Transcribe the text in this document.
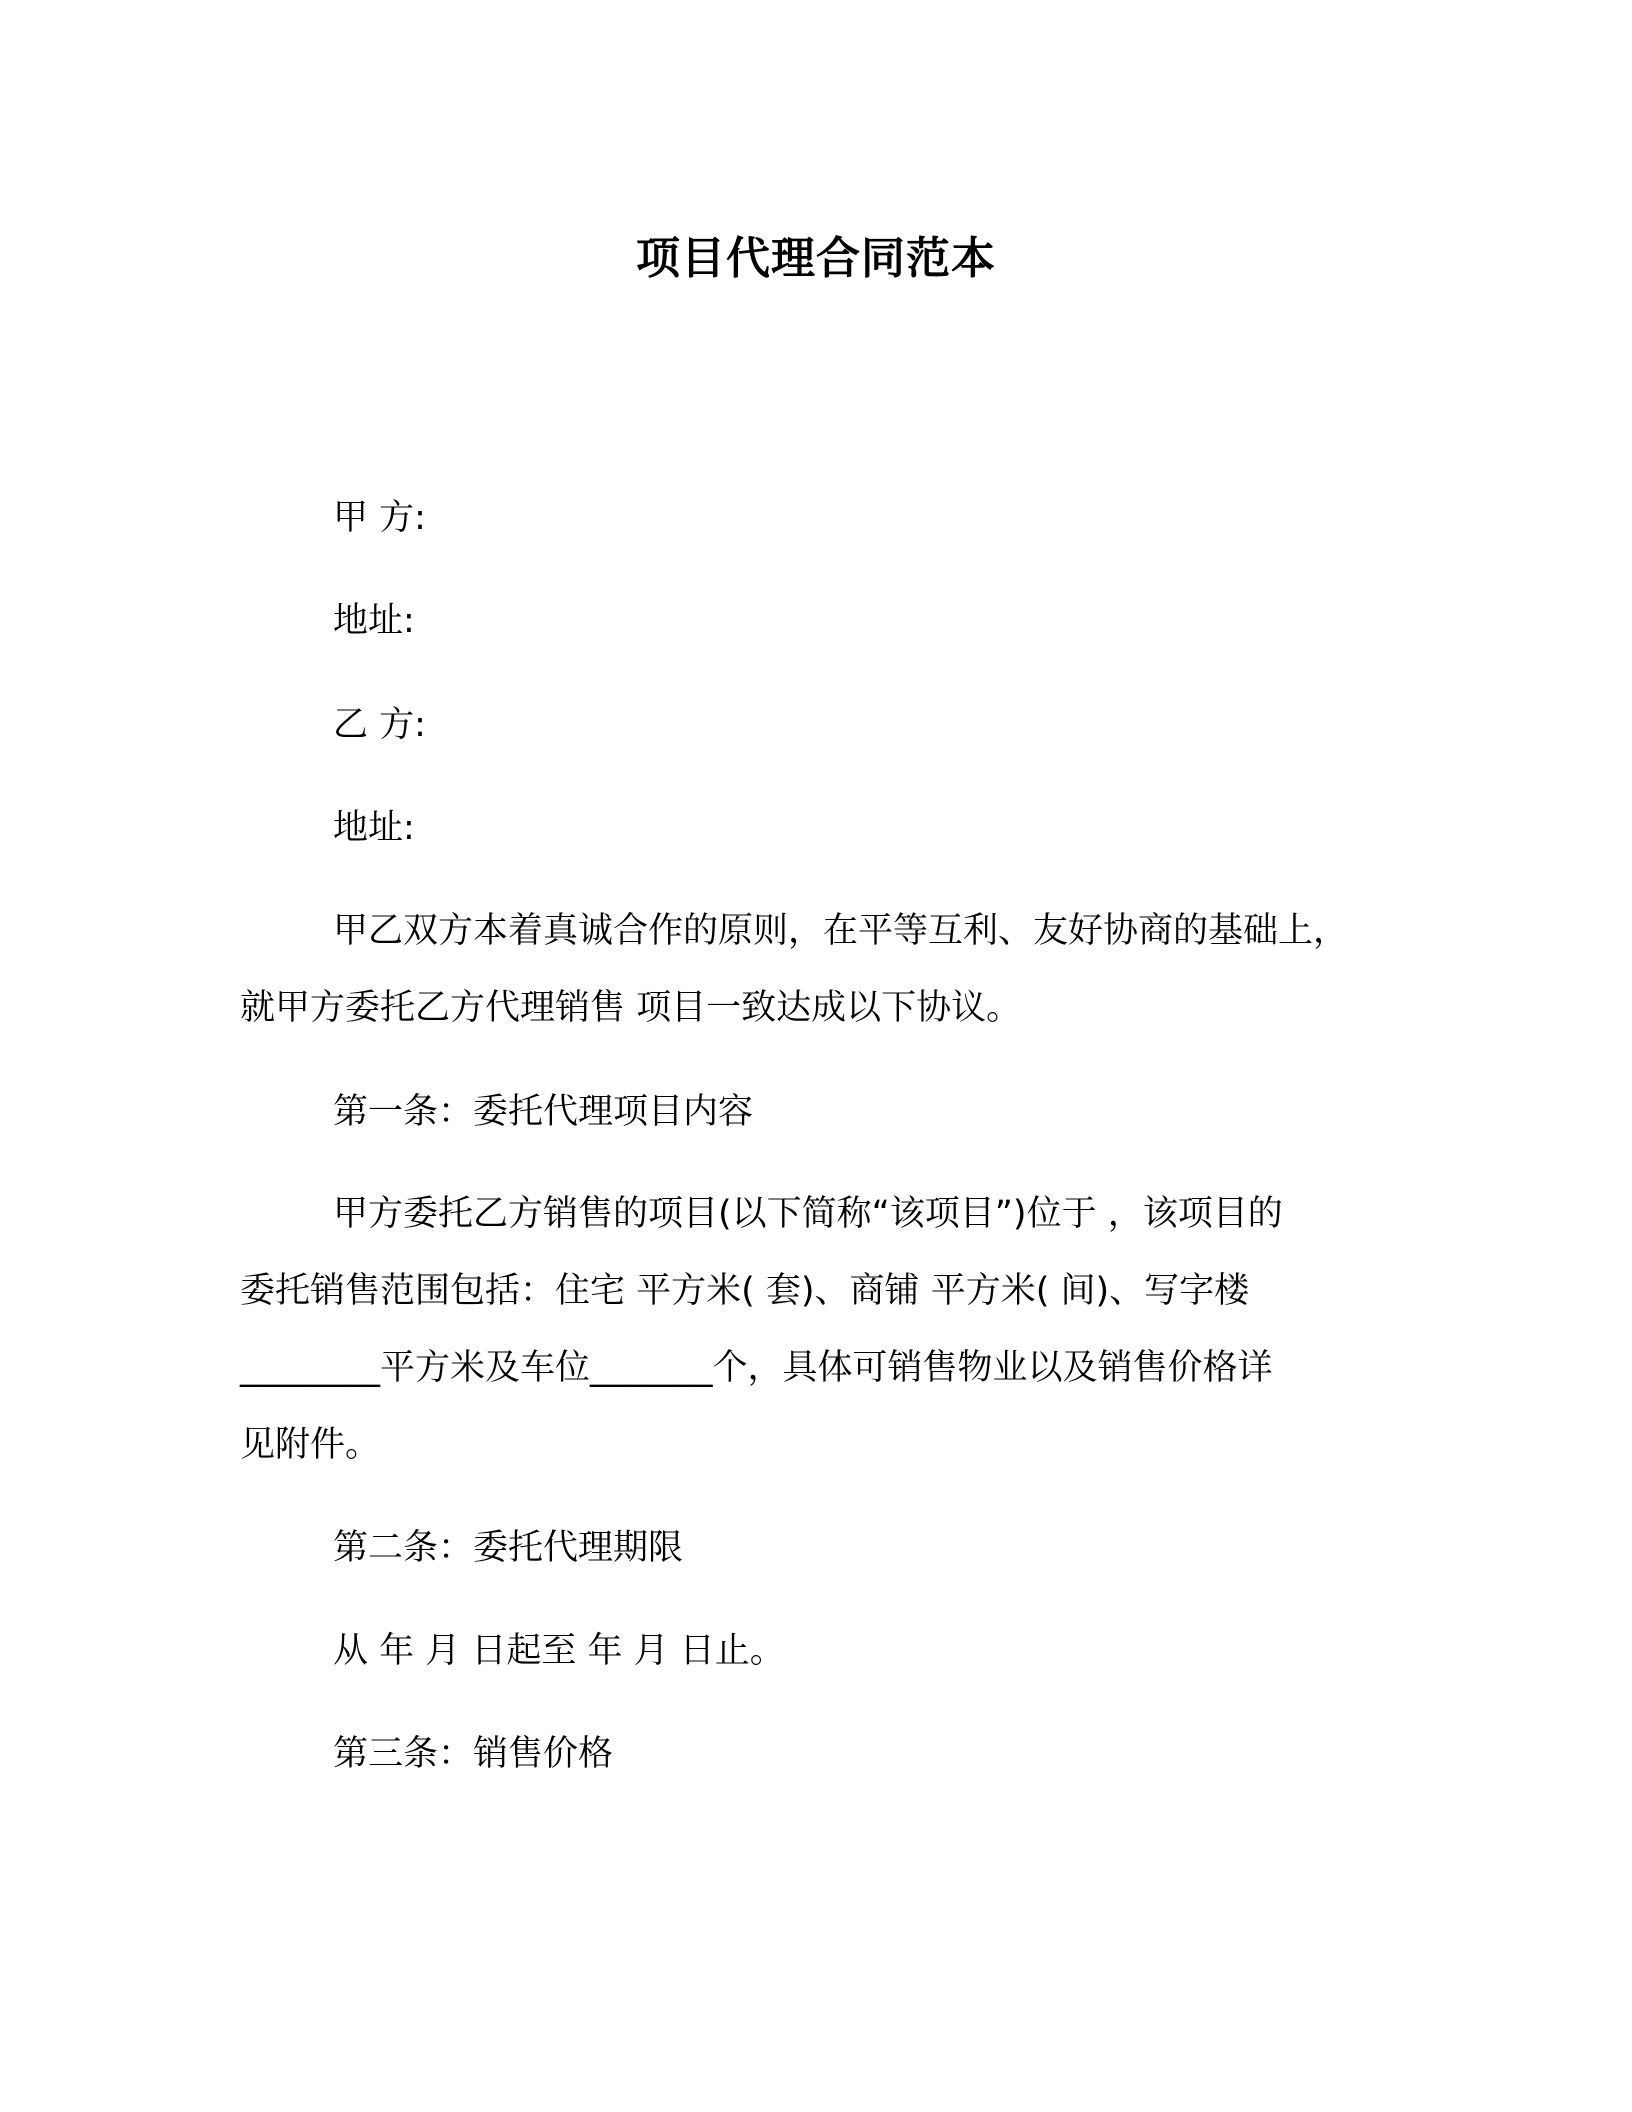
项目代理合同范本
甲 方:
地址:
乙 方:
地址:
甲乙双方本着真诚合作的原则，在平等互利、友好协商的基础上，
就甲方委托乙方代理销售 项目一致达成以下协议。
第一条：委托代理项目内容
甲方委托乙方销售的项目(以下简称“该项目”)位于 ，该项目的
委托销售范围包括：住宅 平方米( 套)、商铺 平方米( 间)、写字楼
________平方米及车位_______个，具体可销售物业以及销售价格详
见附件。
第二条：委托代理期限
从 年 月 日起至 年 月 日止。
第三条：销售价格
